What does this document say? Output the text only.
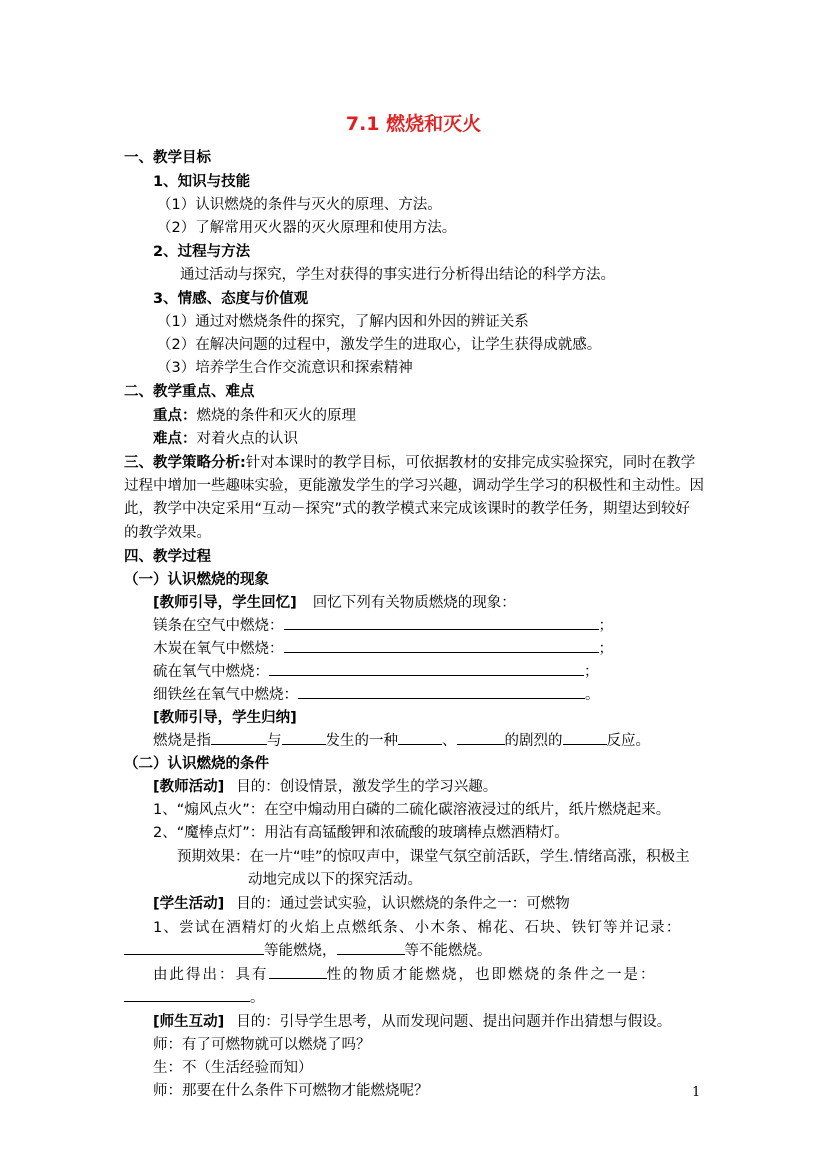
7.1 燃烧和灭火
一、教学目标
1、知识与技能
（1）认识燃烧的条件与灭火的原理、方法。
（2）了解常用灭火器的灭火原理和使用方法。
2、过程与方法
通过活动与探究，学生对获得的事实进行分析得出结论的科学方法。
3、情感、态度与价值观
（1）通过对燃烧条件的探究，了解内因和外因的辨证关系
（2）在解决问题的过程中，激发学生的进取心，让学生获得成就感。
（3）培养学生合作交流意识和探索精神
二、教学重点、难点
重点：燃烧的条件和灭火的原理
难点：对着火点的认识
三、教学策略分析:针对本课时的教学目标，可依据教材的安排完成实验探究，同时在教学
过程中增加一些趣味实验，更能激发学生的学习兴趣，调动学生学习的积极性和主动性。因
此，教学中决定采用“互动－探究”式的教学模式来完成该课时的教学任务，期望达到较好
的教学效果。
四、教学过程
（一）认识燃烧的现象
[教师引导，学生回忆] 回忆下列有关物质燃烧的现象：
镁条在空气中燃烧：	；
木炭在氧气中燃烧：	；
硫在氧气中燃烧：	；
细铁丝在氧气中燃烧：	。
[教师引导，学生归纳]
燃烧是指	与	发生的一种	、	的剧烈的	反应。
（二）认识燃烧的条件
[教师活动] 目的：创设情景，激发学生的学习兴趣。
1、“煽风点火”：在空中煽动用白磷的二硫化碳溶液浸过的纸片，纸片燃烧起来。
2、“魔棒点灯”：用沾有高锰酸钾和浓硫酸的玻璃棒点燃酒精灯。
预期效果：在一片“哇”的惊叹声中，课堂气氛空前活跃，学生.情绪高涨，积极主
动地完成以下的探究活动。
[学生活动] 目的：通过尝试实验，认识燃烧的条件之一：可燃物
1、尝试在酒精灯的火焰上点燃纸条、小木条、棉花、石块、铁钉等并记录：
等能燃烧，	等不能燃烧。
由此得出：具有	性的物质才能燃烧，也即燃烧的条件之一是：
。
[师生互动] 目的：引导学生思考，从而发现问题、提出问题并作出猜想与假设。
师：有了可燃物就可以燃烧了吗？
生：不（生活经验而知）
师：那要在什么条件下可燃物才能燃烧呢？	1
